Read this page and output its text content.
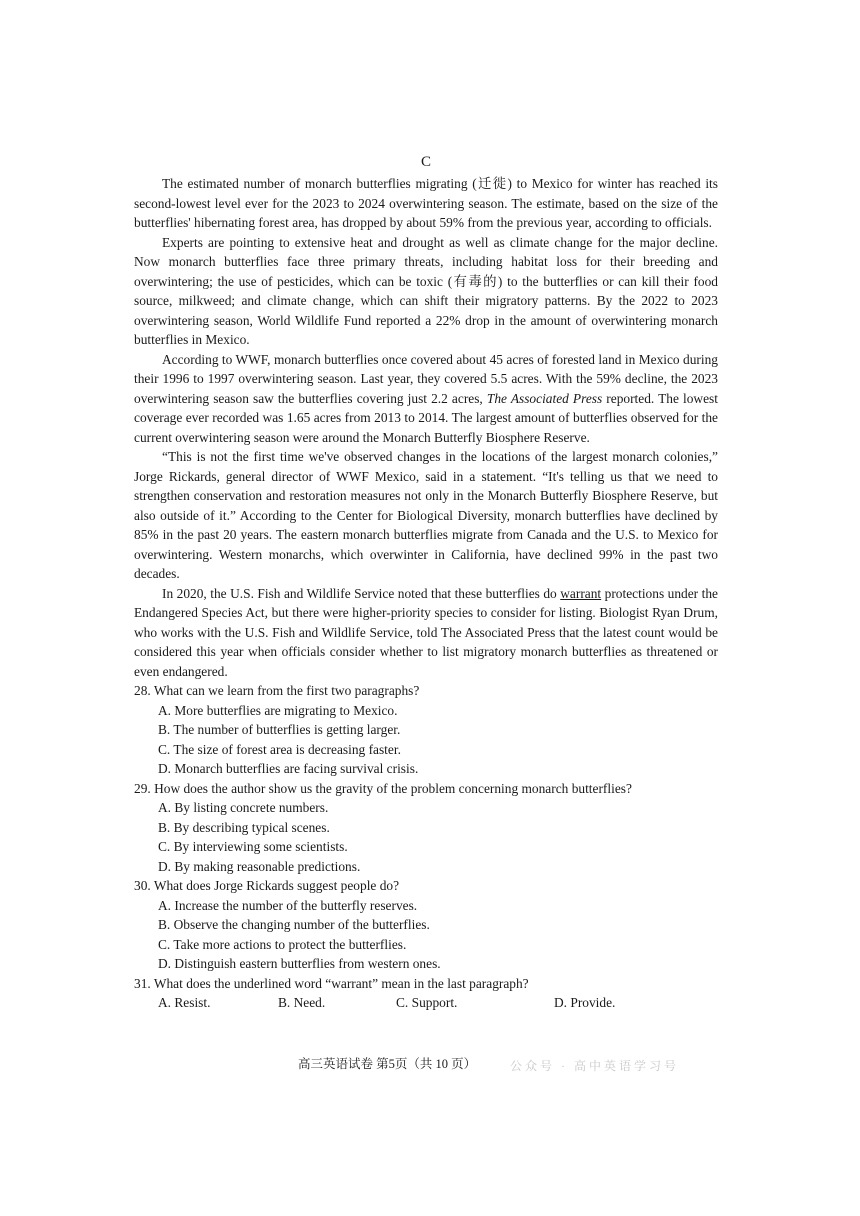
C

The estimated number of monarch butterflies migrating (迁徙) to Mexico for winter has reached its second-lowest level ever for the 2023 to 2024 overwintering season. The estimate, based on the size of the butterflies' hibernating forest area, has dropped by about 59% from the previous year, according to officials.

Experts are pointing to extensive heat and drought as well as climate change for the major decline. Now monarch butterflies face three primary threats, including habitat loss for their breeding and overwintering; the use of pesticides, which can be toxic (有毒的) to the butterflies or can kill their food source, milkweed; and climate change, which can shift their migratory patterns. By the 2022 to 2023 overwintering season, World Wildlife Fund reported a 22% drop in the amount of overwintering monarch butterflies in Mexico.

According to WWF, monarch butterflies once covered about 45 acres of forested land in Mexico during their 1996 to 1997 overwintering season. Last year, they covered 5.5 acres. With the 59% decline, the 2023 overwintering season saw the butterflies covering just 2.2 acres, The Associated Press reported. The lowest coverage ever recorded was 1.65 acres from 2013 to 2014. The largest amount of butterflies observed for the current overwintering season were around the Monarch Butterfly Biosphere Reserve.

“This is not the first time we've observed changes in the locations of the largest monarch colonies,” Jorge Rickards, general director of WWF Mexico, said in a statement. “It's telling us that we need to strengthen conservation and restoration measures not only in the Monarch Butterfly Biosphere Reserve, but also outside of it.” According to the Center for Biological Diversity, monarch butterflies have declined by 85% in the past 20 years. The eastern monarch butterflies migrate from Canada and the U.S. to Mexico for overwintering. Western monarchs, which overwinter in California, have declined 99% in the past two decades.

In 2020, the U.S. Fish and Wildlife Service noted that these butterflies do warrant protections under the Endangered Species Act, but there were higher-priority species to consider for listing. Biologist Ryan Drum, who works with the U.S. Fish and Wildlife Service, told The Associated Press that the latest count would be considered this year when officials consider whether to list migratory monarch butterflies as threatened or even endangered.

28. What can we learn from the first two paragraphs?

A. More butterflies are migrating to Mexico.

B. The number of butterflies is getting larger.

C. The size of forest area is decreasing faster.

D. Monarch butterflies are facing survival crisis.

29. How does the author show us the gravity of the problem concerning monarch butterflies?

A. By listing concrete numbers.

B. By describing typical scenes.

C. By interviewing some scientists.

D. By making reasonable predictions.

30. What does Jorge Rickards suggest people do?

A. Increase the number of the butterfly reserves.

B. Observe the changing number of the butterflies.

C. Take more actions to protect the butterflies.

D. Distinguish eastern butterflies from western ones.

31. What does the underlined word “warrant” mean in the last paragraph?

A. Resist.	B. Need.	C. Support.	D. Provide.
高三英语试卷 第5页（共 10 页）	公众号 · 高中英语学习号
